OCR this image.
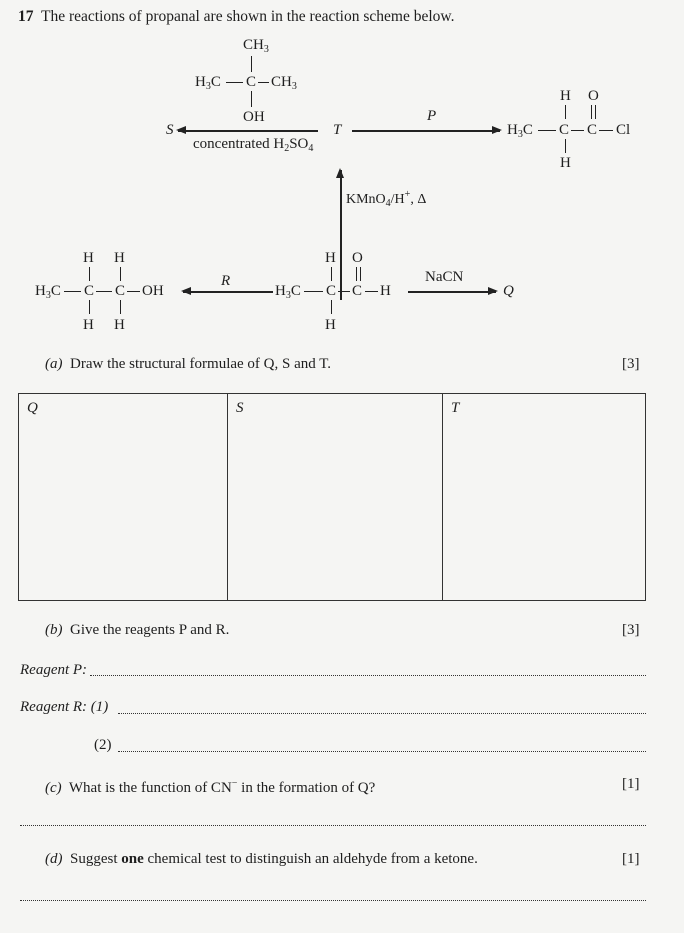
17 The reactions of propanal are shown in the reaction scheme below.
$CH_3$
$H_3C$ C $CH_3$
OH
S	T
P
concentrated $H_2SO_4$
H O
$H_3C$ C C Cl
H
KMnO$_4$/H+, Δ
H H
$H_3C$ C C OH
H H
R
H O
$H_3C$ C C H
H
NaCN
Q
(a) Draw the structural formulae of Q, S and T.	[3]
Q	S	T
(b) Give the reagents P and R.	[3]
Reagent P:
Reagent R: (1)
(2)
(c) What is the function of CN− in the formation of Q?	[1]
(d) Suggest one chemical test to distinguish an aldehyde from a ketone.	[1]
